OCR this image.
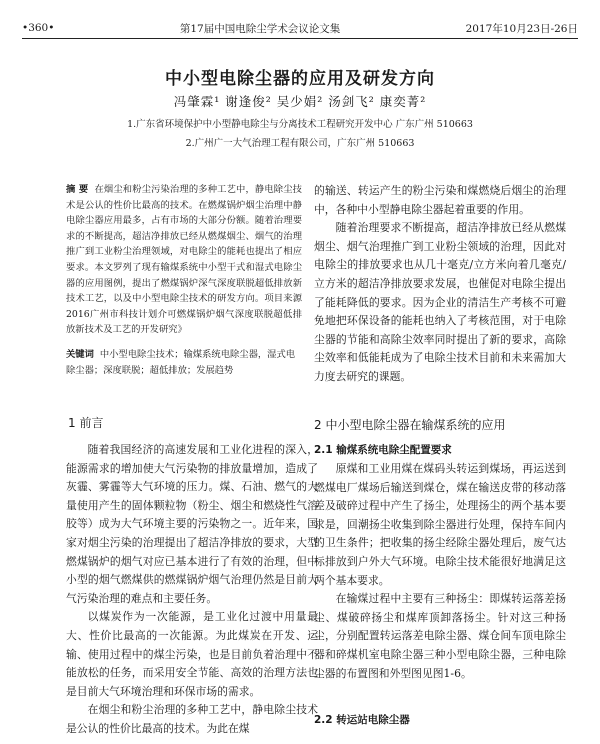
•360•	第17届中国电除尘学术会议论文集	2017年10月23日-26日
中小型电除尘器的应用及研发方向
冯肇霖¹ 谢逢俊² 吴少娟² 汤剑飞² 康奕菁²
1.广东省环境保护中小型静电除尘与分离技术工程研究开发中心 广东广州 510663
2.广州广一大气治理工程有限公司，广东广州 510663
摘 要 在烟尘和粉尘污染治理的多种工艺中，静电除尘技术是公认的性价比最高的技术。在燃煤锅炉烟尘治理中静电除尘器应用最多，占有市场的大部分份额。随着治理要求的不断提高，超洁净排放已经从燃煤烟尘、烟气的治理推广到工业粉尘治理领域，对电除尘的能耗也提出了相应要求。本文罗列了现有输煤系统中小型干式和湿式电除尘器的应用图例，提出了燃煤锅炉深气深度联脱超低排放新技术工艺，以及中小型电除尘技术的研发方向。项目来源 2016广州市科技计划介可燃煤锅炉烟气深度联脱超低排放新技术及工艺的开发研究》
关键词 中小型电除尘技术；输煤系统电除尘器，湿式电除尘器；深度联脱；超低排放；发展趋势
1 前言

随着我国经济的高速发展和工业化进程的深入，能源需求的增加使大气污染物的排放量增加，造成了灰霾、雾霾等大气环境的压力。煤、石油、燃气的大量使用产生的固体颗粒物（粉尘、烟尘和燃烧性气溶胶等）成为大气环境主要的污染物之一。近年来，国家对烟尘污染的治理提出了超洁净排放的要求，大型燃煤锅炉的烟气对应已基本进行了有效的治理，但中小型的烟气燃煤供的燃煤锅炉烟气治理仍然是目前大气污染治理的难点和主要任务。

以煤炭作为一次能源，是工业化过渡中用量最大、性价比最高的一次能源。为此煤炭在开发、运输、使用过程中的煤尘污染，也是目前负着治理中不能放松的任务，而采用安全节能、高效的治理方法也是目前大气环境治理和环保市场的需求。

在烟尘和粉尘治理的多种工艺中，静电除尘技术是公认的性价比最高的技术。为此在煤

的输送、转运产生的粉尘污染和煤燃烧后烟尘的治理中，各种中小型静电除尘器起着重要的作用。

随着治理要求不断提高，超洁净排放已经从燃煤烟尘、烟气治理推广到工业粉尘领域的治理，因此对电除尘的排放要求也从几十毫克/立方米向着几毫克/立方米的超洁净排放要求发展，也催促对电除尘提出了能耗降低的要求。因为企业的清洁生产考核不可避免地把环保设备的能耗也纳入了考核范围，对于电除尘器的节能和高除尘效率同时提出了新的要求，高除尘效率和低能耗成为了电除尘技术目前和未来需加大力度去研究的课题。

2 中小型电除尘器在输煤系统的应用
2.1 输煤系统电除尘配置要求

原煤和工业用煤在煤码头转运到煤场，再运送到燃煤电厂煤场后输送到煤仓，煤在输送皮带的移动落差及破碎过程中产生了扬尘，处理扬尘的两个基本要求是，回潮扬尘收集到除尘器进行处理，保持车间内的卫生条件；把收集的扬尘经除尘器处理后，废气达标排放到户外大气环境。电除尘技术能很好地满足这两个基本要求。

在输煤过程中主要有三种扬尘：即煤转运落差扬尘、煤破碎扬尘和煤库顶卸落扬尘。针对这三种扬尘，分别配置转运落差电除尘器、煤仓间车顶电除尘器和碎煤机室电除尘器三种小型电除尘器，三种电除尘器的布置图和外型图见图1-6。

2.2 转运站电除尘器
